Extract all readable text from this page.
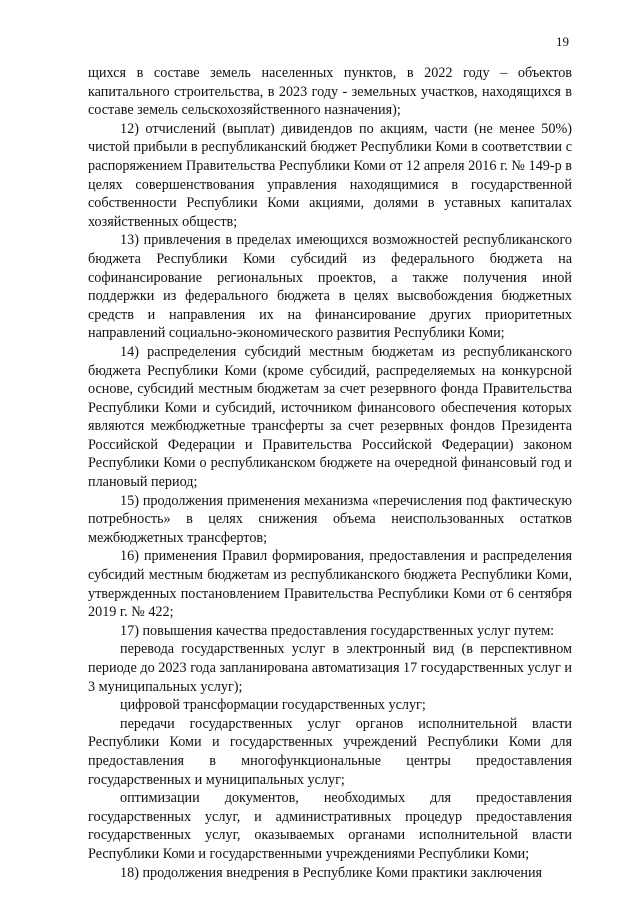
19

щихся в составе земель населенных пунктов, в 2022 году – объектов капитального строительства, в 2023 году - земельных участков, находящихся в составе земель сельскохозяйственного назначения);

12) отчислений (выплат) дивидендов по акциям, части (не менее 50%) чистой прибыли в республиканский бюджет Республики Коми в соответствии с распоряжением Правительства Республики Коми от 12 апреля 2016 г. № 149-р в целях совершенствования управления находящимися в государственной собственности Республики Коми акциями, долями в уставных капиталах хозяйственных обществ;

13) привлечения в пределах имеющихся возможностей республиканского бюджета Республики Коми субсидий из федерального бюджета на софинансирование региональных проектов, а также получения иной поддержки из федерального бюджета в целях высвобождения бюджетных средств и направления их на финансирование других приоритетных направлений социально-экономического развития Республики Коми;

14) распределения субсидий местным бюджетам из республиканского бюджета Республики Коми (кроме субсидий, распределяемых на конкурсной основе, субсидий местным бюджетам за счет резервного фонда Правительства Республики Коми и субсидий, источником финансового обеспечения которых являются межбюджетные трансферты за счет резервных фондов Президента Российской Федерации и Правительства Российской Федерации) законом Республики Коми о республиканском бюджете на очередной финансовый год и плановый период;

15) продолжения применения механизма «перечисления под фактическую потребность» в целях снижения объема неиспользованных остатков межбюджетных трансфертов;

16) применения Правил формирования, предоставления и распределения субсидий местным бюджетам из республиканского бюджета Республики Коми, утвержденных постановлением Правительства Республики Коми от 6 сентября 2019 г. № 422;

17) повышения качества предоставления государственных услуг путем:

перевода государственных услуг в электронный вид (в перспективном периоде до 2023 года запланирована автоматизация 17 государственных услуг и 3 муниципальных услуг);

цифровой трансформации государственных услуг;

передачи государственных услуг органов исполнительной власти Республики Коми и государственных учреждений Республики Коми для предоставления в многофункциональные центры предоставления государственных и муниципальных услуг;

оптимизации документов, необходимых для предоставления государственных услуг, и административных процедур предоставления государственных услуг, оказываемых органами исполнительной власти Республики Коми и государственными учреждениями Республики Коми;

18) продолжения внедрения в Республике Коми практики заключения
